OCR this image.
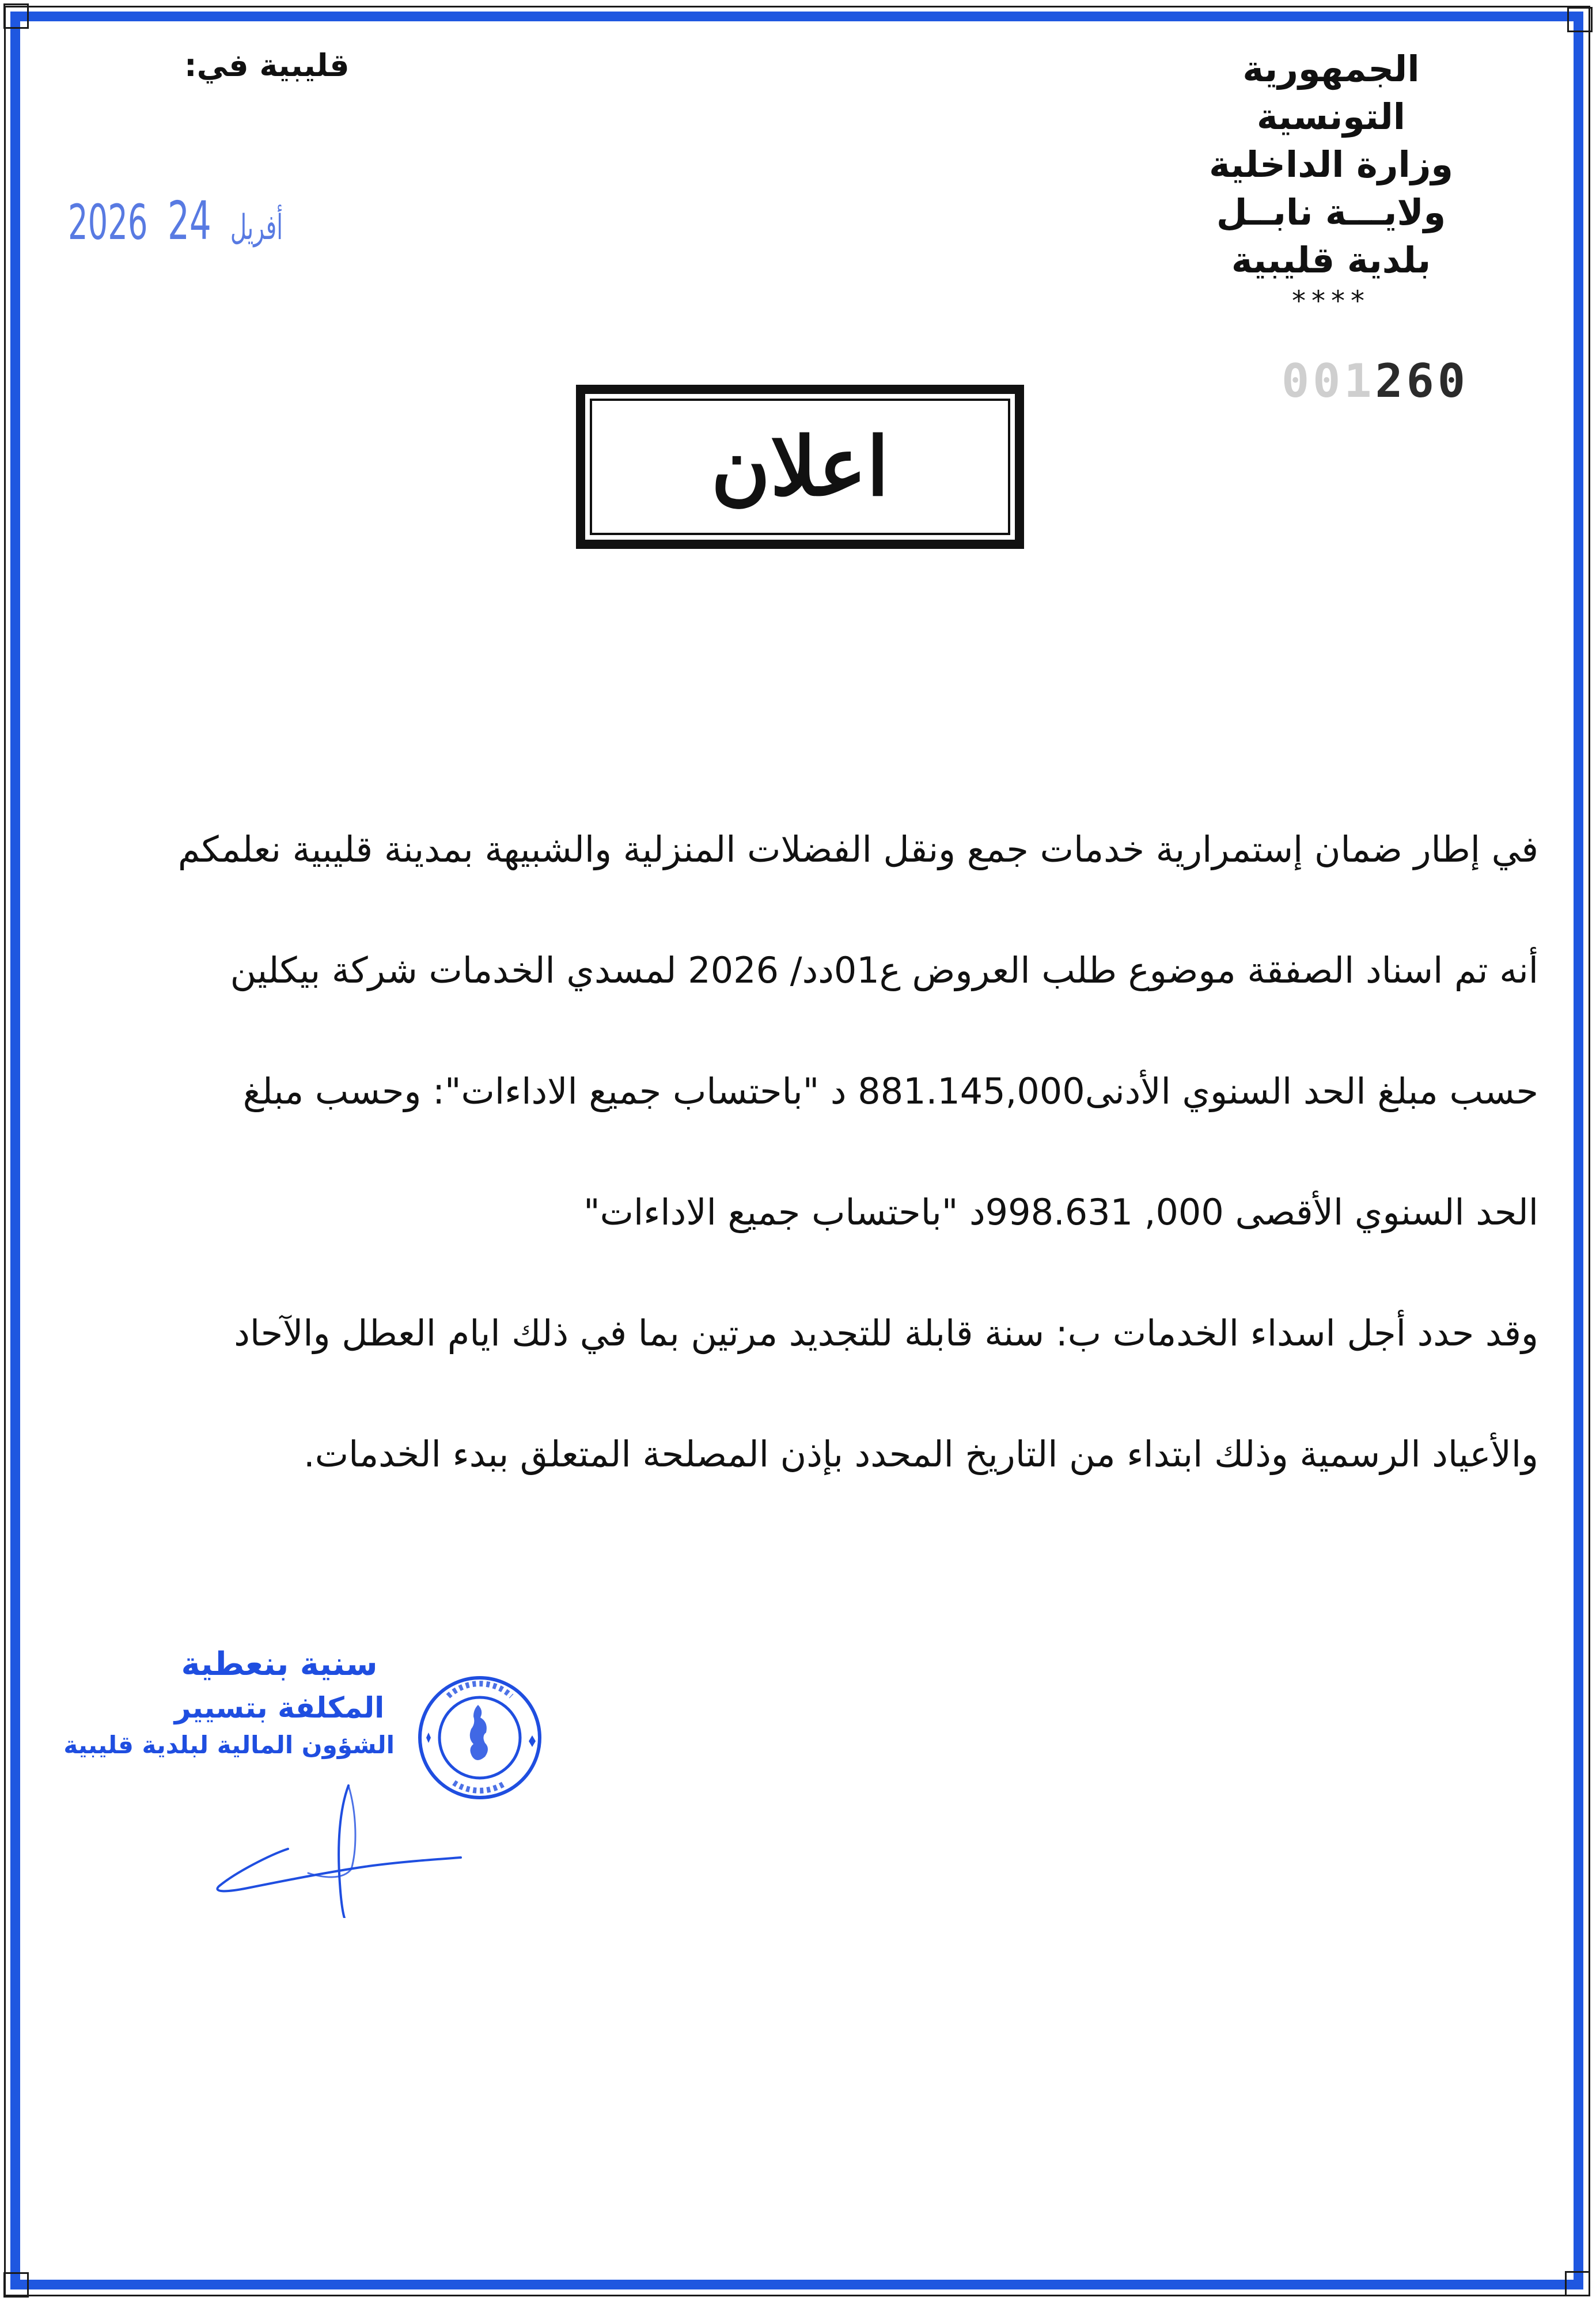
الجمهورية التونسية
وزارة الداخلية
ولايـــة نابــل
بلدية قليبية
****
قليبية في:
2026 أفريل 24
001260
اعلان
في إطار ضمان إستمرارية خدمات جمع ونقل الفضلات المنزلية والشبيهة بمدينة قليبية نعلمكم
أنه تم اسناد الصفقة موضوع طلب العروض ع01دد/ 2026 لمسدي الخدمات شركة بيكلين
حسب مبلغ الحد السنوي الأدنى881.145,000 د "باحتساب جميع الاداءات": وحسب مبلغ
الحد السنوي الأقصى 000, 998.631د "باحتساب جميع الاداءات"
وقد حدد أجل اسداء الخدمات ب: سنة قابلة للتجديد مرتين بما في ذلك ايام العطل والآحاد
والأعياد الرسمية وذلك ابتداء من التاريخ المحدد بإذن المصلحة المتعلق ببدء الخدمات.
سنية بنعطية
المكلفة بتسيير
الشؤون المالية لبلدية قليبية
